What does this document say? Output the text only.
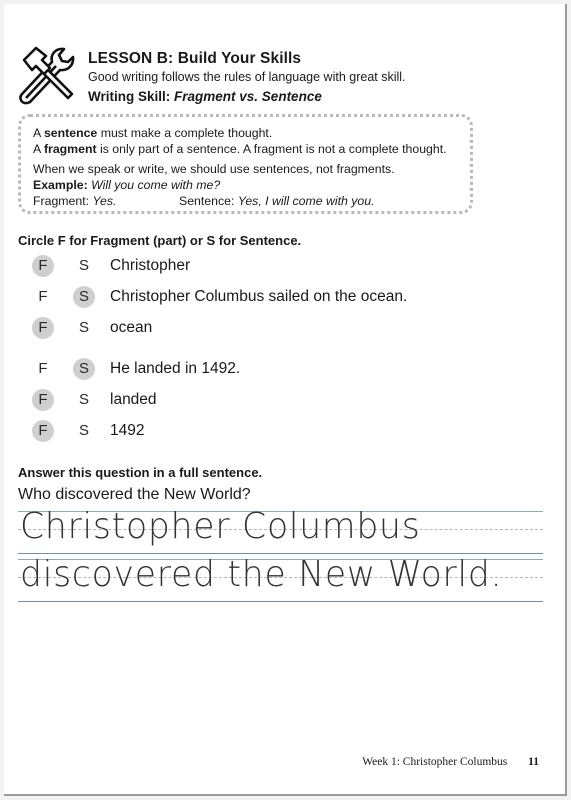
LESSON B: Build Your Skills
Good writing follows the rules of language with great skill.
Writing Skill: Fragment vs. Sentence

A sentence must make a complete thought.

A fragment is only part of a sentence. A fragment is not a complete thought.

When we speak or write, we should use sentences, not fragments.

Example: Will you come with me?

Fragment: Yes.	Sentence: Yes, I will come with you.
Circle F for Fragment (part) or S for Sentence.
F	S	Christopher
F	S	Christopher Columbus sailed on the ocean.
F	S	ocean
F	S	He landed in 1492.
F	S	landed
F	S	1492
Answer this question in a full sentence.
Who discovered the New World?
Christopher Columbus
discovered the New World.
Week 1: Christopher Columbus 11
